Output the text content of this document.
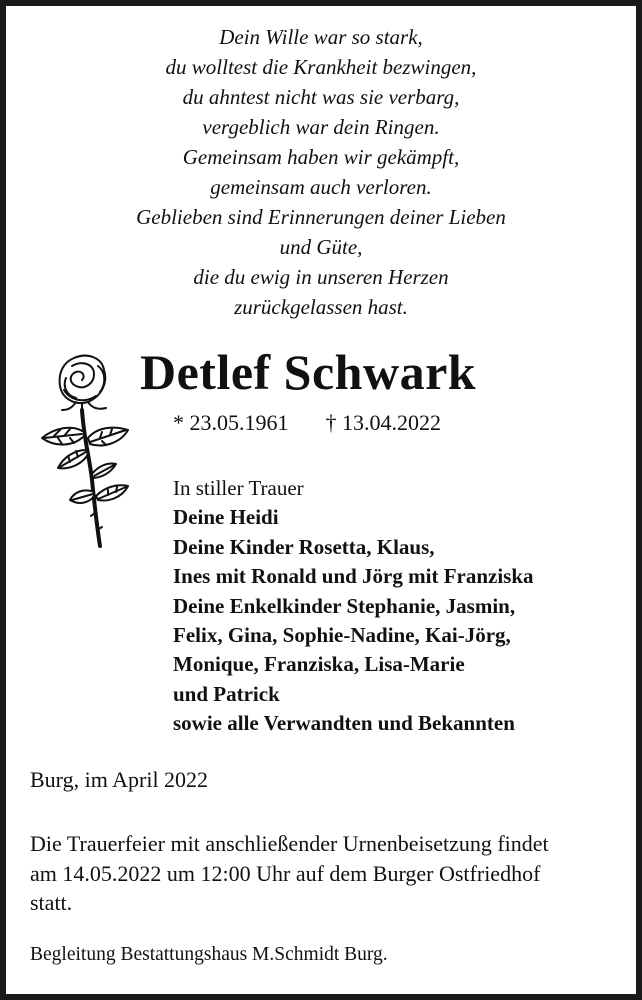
Dein Wille war so stark,
du wolltest die Krankheit bezwingen,
du ahntest nicht was sie verbarg,
vergeblich war dein Ringen.
Gemeinsam haben wir gekämpft,
gemeinsam auch verloren.
Geblieben sind Erinnerungen deiner Lieben
und Güte,
die du ewig in unseren Herzen
zurückgelassen hast.
Detlef Schwark
* 23.05.1961 † 13.04.2022
In stiller Trauer
Deine Heidi
Deine Kinder Rosetta, Klaus,
Ines mit Ronald und Jörg mit Franziska
Deine Enkelkinder Stephanie, Jasmin,
Felix, Gina, Sophie-Nadine, Kai-Jörg,
Monique, Franziska, Lisa-Marie
und Patrick
sowie alle Verwandten und Bekannten
Burg, im April 2022
Die Trauerfeier mit anschließender Urnenbeisetzung findet
am 14.05.2022 um 12:00 Uhr auf dem Burger Ostfriedhof
statt.
Begleitung Bestattungshaus M.Schmidt Burg.
